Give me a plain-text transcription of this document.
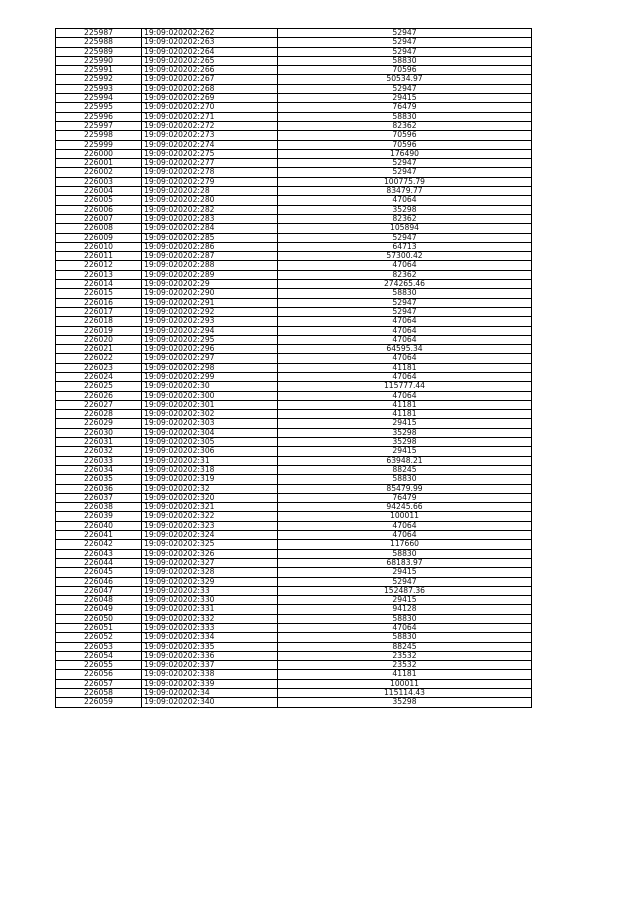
225987	19:09:020202:262	52947
225988	19:09:020202:263	52947
225989	19:09:020202:264	52947
225990	19:09:020202:265	58830
225991	19:09:020202:266	70596
225992	19:09:020202:267	50534.97
225993	19:09:020202:268	52947
225994	19:09:020202:269	29415
225995	19:09:020202:270	76479
225996	19:09:020202:271	58830
225997	19:09:020202:272	82362
225998	19:09:020202:273	70596
225999	19:09:020202:274	70596
226000	19:09:020202:275	176490
226001	19:09:020202:277	52947
226002	19:09:020202:278	52947
226003	19:09:020202:279	100775.79
226004	19:09:020202:28	83479.77
226005	19:09:020202:280	47064
226006	19:09:020202:282	35298
226007	19:09:020202:283	82362
226008	19:09:020202:284	105894
226009	19:09:020202:285	52947
226010	19:09:020202:286	64713
226011	19:09:020202:287	57300.42
226012	19:09:020202:288	47064
226013	19:09:020202:289	82362
226014	19:09:020202:29	274265.46
226015	19:09:020202:290	58830
226016	19:09:020202:291	52947
226017	19:09:020202:292	52947
226018	19:09:020202:293	47064
226019	19:09:020202:294	47064
226020	19:09:020202:295	47064
226021	19:09:020202:296	64595.34
226022	19:09:020202:297	47064
226023	19:09:020202:298	41181
226024	19:09:020202:299	47064
226025	19:09:020202:30	115777.44
226026	19:09:020202:300	47064
226027	19:09:020202:301	41181
226028	19:09:020202:302	41181
226029	19:09:020202:303	29415
226030	19:09:020202:304	35298
226031	19:09:020202:305	35298
226032	19:09:020202:306	29415
226033	19:09:020202:31	63948.21
226034	19:09:020202:318	88245
226035	19:09:020202:319	58830
226036	19:09:020202:32	85479.99
226037	19:09:020202:320	76479
226038	19:09:020202:321	94245.66
226039	19:09:020202:322	100011
226040	19:09:020202:323	47064
226041	19:09:020202:324	47064
226042	19:09:020202:325	117660
226043	19:09:020202:326	58830
226044	19:09:020202:327	68183.97
226045	19:09:020202:328	29415
226046	19:09:020202:329	52947
226047	19:09:020202:33	152487.36
226048	19:09:020202:330	29415
226049	19:09:020202:331	94128
226050	19:09:020202:332	58830
226051	19:09:020202:333	47064
226052	19:09:020202:334	58830
226053	19:09:020202:335	88245
226054	19:09:020202:336	23532
226055	19:09:020202:337	23532
226056	19:09:020202:338	41181
226057	19:09:020202:339	100011
226058	19:09:020202:34	115114.43
226059	19:09:020202:340	35298
